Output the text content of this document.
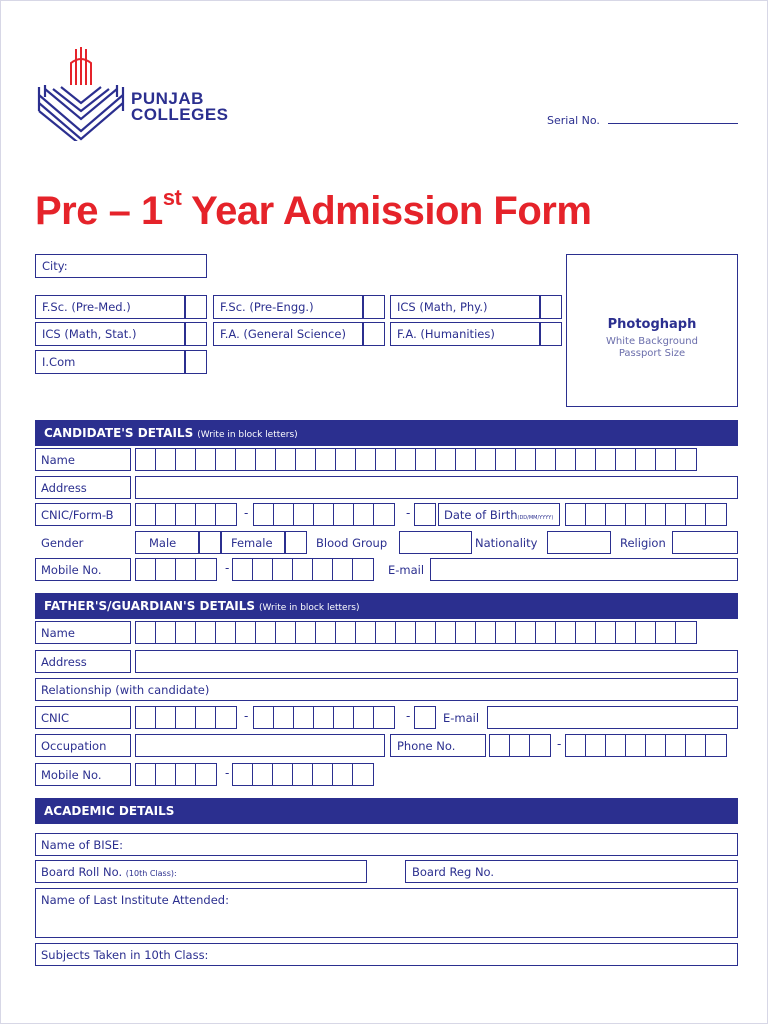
PUNJAB
COLLEGES	Serial No.
Pre – 1st Year Admission Form
City:
F.Sc. (Pre-Med.)	F.Sc. (Pre-Engg.)	ICS (Math, Phy.)
ICS (Math, Stat.)	F.A. (General Science)	F.A. (Humanities)
I.Com
Photoghaph
White Background
Passport Size
CANDIDATE'S DETAILS (Write in block letters)
Name
Address
CNIC/Form-B	-	-	Date of Birth(DD/MM/YYYY)
Gender	Male	Female	Blood Group	Nationality	Religion
Mobile No.	-	E-mail
FATHER'S/GUARDIAN'S DETAILS (Write in block letters)
Name
Address
Relationship (with candidate)
CNIC	-	-	E-mail
Occupation	Phone No.	-
Mobile No.	-
ACADEMIC DETAILS
Name of BISE:
Board Roll No. (10th Class):	Board Reg No.
Name of Last Institute Attended:
Subjects Taken in 10th Class:
